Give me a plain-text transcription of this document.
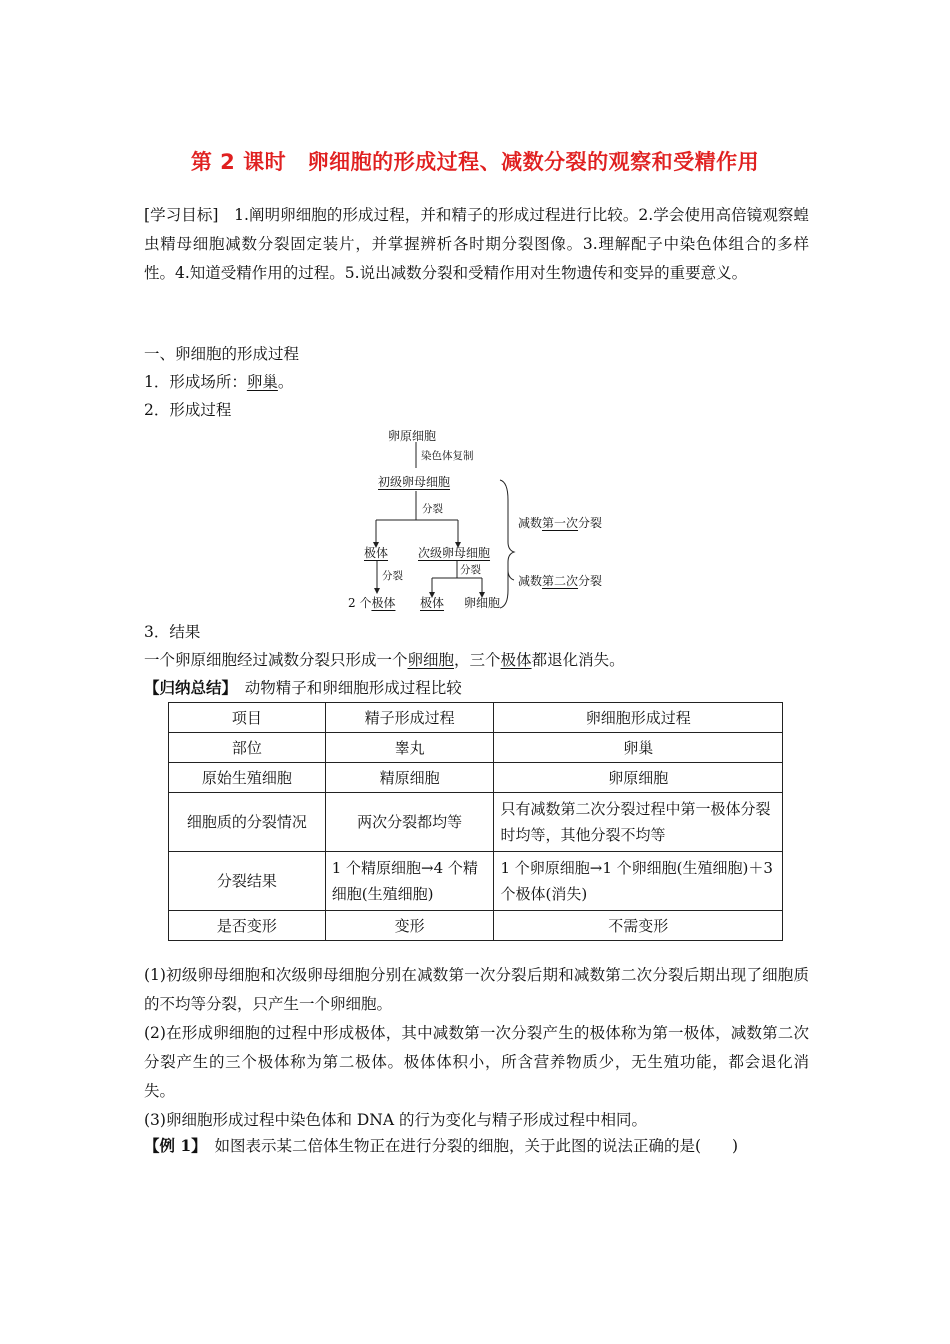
第 2 课时　卵细胞的形成过程、减数分裂的观察和受精作用
[学习目标]　1.阐明卵细胞的形成过程，并和精子的形成过程进行比较。2.学会使用高倍镜观察蝗虫精母细胞减数分裂固定装片，并掌握辨析各时期分裂图像。3.理解配子中染色体组合的多样性。4.知道受精作用的过程。5.说出减数分裂和受精作用对生物遗传和变异的重要意义。
一、卵细胞的形成过程
1．形成场所：卵巢。
2．形成过程
卵原细胞
染色体复制
初级卵母细胞
分裂
极体 次级卵母细胞
分裂
分裂
2 个极体 极体 卵细胞
减数第一次分裂
减数第二次分裂
3．结果
一个卵原细胞经过减数分裂只形成一个卵细胞，三个极体都退化消失。
【归纳总结】　动物精子和卵细胞形成过程比较
项目	精子形成过程	卵细胞形成过程
部位	睾丸	卵巢
原始生殖细胞	精原细胞	卵原细胞
细胞质的分裂情况	两次分裂都均等	只有减数第二次分裂过程中第一极体分裂时均等，其他分裂不均等
分裂结果	1 个精原细胞→4 个精细胞(生殖细胞)	1 个卵原细胞→1 个卵细胞(生殖细胞)＋3 个极体(消失)
是否变形	变形	不需变形
(1)初级卵母细胞和次级卵母细胞分别在减数第一次分裂后期和减数第二次分裂后期出现了细胞质的不均等分裂，只产生一个卵细胞。
(2)在形成卵细胞的过程中形成极体，其中减数第一次分裂产生的极体称为第一极体，减数第二次分裂产生的三个极体称为第二极体。极体体积小，所含营养物质少，无生殖功能，都会退化消失。
(3)卵细胞形成过程中染色体和 DNA 的行为变化与精子形成过程中相同。
【例 1】　如图表示某二倍体生物正在进行分裂的细胞，关于此图的说法正确的是(　　)
